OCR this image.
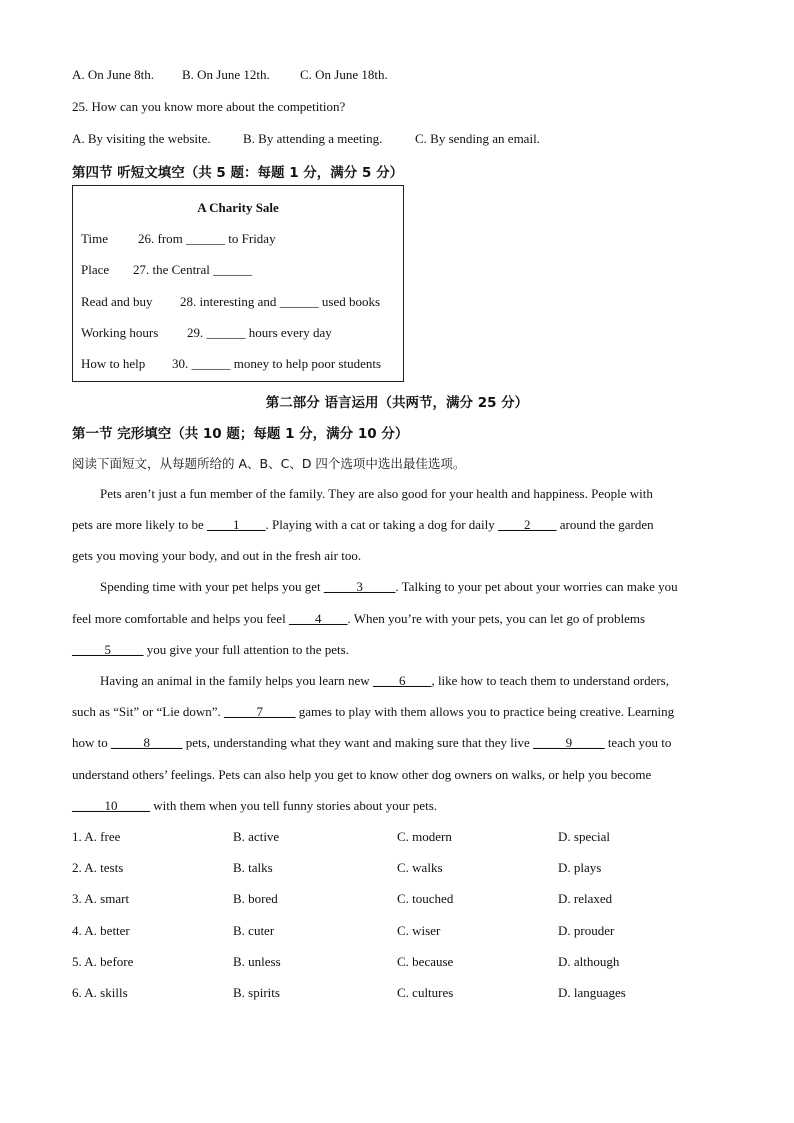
A. On June 8th. B. On June 12th. C. On June 18th.
25. How can you know more about the competition?
A. By visiting the website. B. By attending a meeting.	C. By sending an email.
第四节 听短文填空（共 5 题：每题 1 分，满分 5 分）
A Charity Sale
Time 26. from ______ to Friday
Place 27. the Central ______
Read and buy 28. interesting and ______ used books
Working hours 29. ______ hours every day
How to help 30. ______ money to help poor students
第二部分 语言运用（共两节，满分 25 分）
第一节 完形填空（共 10 题；每题 1 分，满分 10 分）
阅读下面短文，从每题所给的 A、B、C、D 四个选项中选出最佳选项。
Pets aren’t just a fun member of the family. They are also good for your health and happiness. People with
pets are more likely to be ____1____. Playing with a cat or taking a dog for daily ____2____ around the garden
gets you moving your body, and out in the fresh air too.
Spending time with your pet helps you get _____3_____. Talking to your pet about your worries can make you
feel more comfortable and helps you feel ____4____. When you’re with your pets, you can let go of problems
_____5_____ you give your full attention to the pets.
Having an animal in the family helps you learn new ____6____, like how to teach them to understand orders,
such as “Sit” or “Lie down”. _____7_____ games to play with them allows you to practice being creative. Learning
how to _____8_____ pets, understanding what they want and making sure that they live _____9_____ teach you to
understand others’ feelings. Pets can also help you get to know other dog owners on walks, or help you become
_____10_____ with them when you tell funny stories about your pets.
1. A. free	B. active	C. modern	D. special
2. A. tests	B. talks	C. walks	D. plays
3. A. smart	B. bored	C. touched	D. relaxed
4. A. better	B. cuter	C. wiser	D. prouder
5. A. before	B. unless	C. because	D. although
6. A. skills	B. spirits	C. cultures	D. languages
